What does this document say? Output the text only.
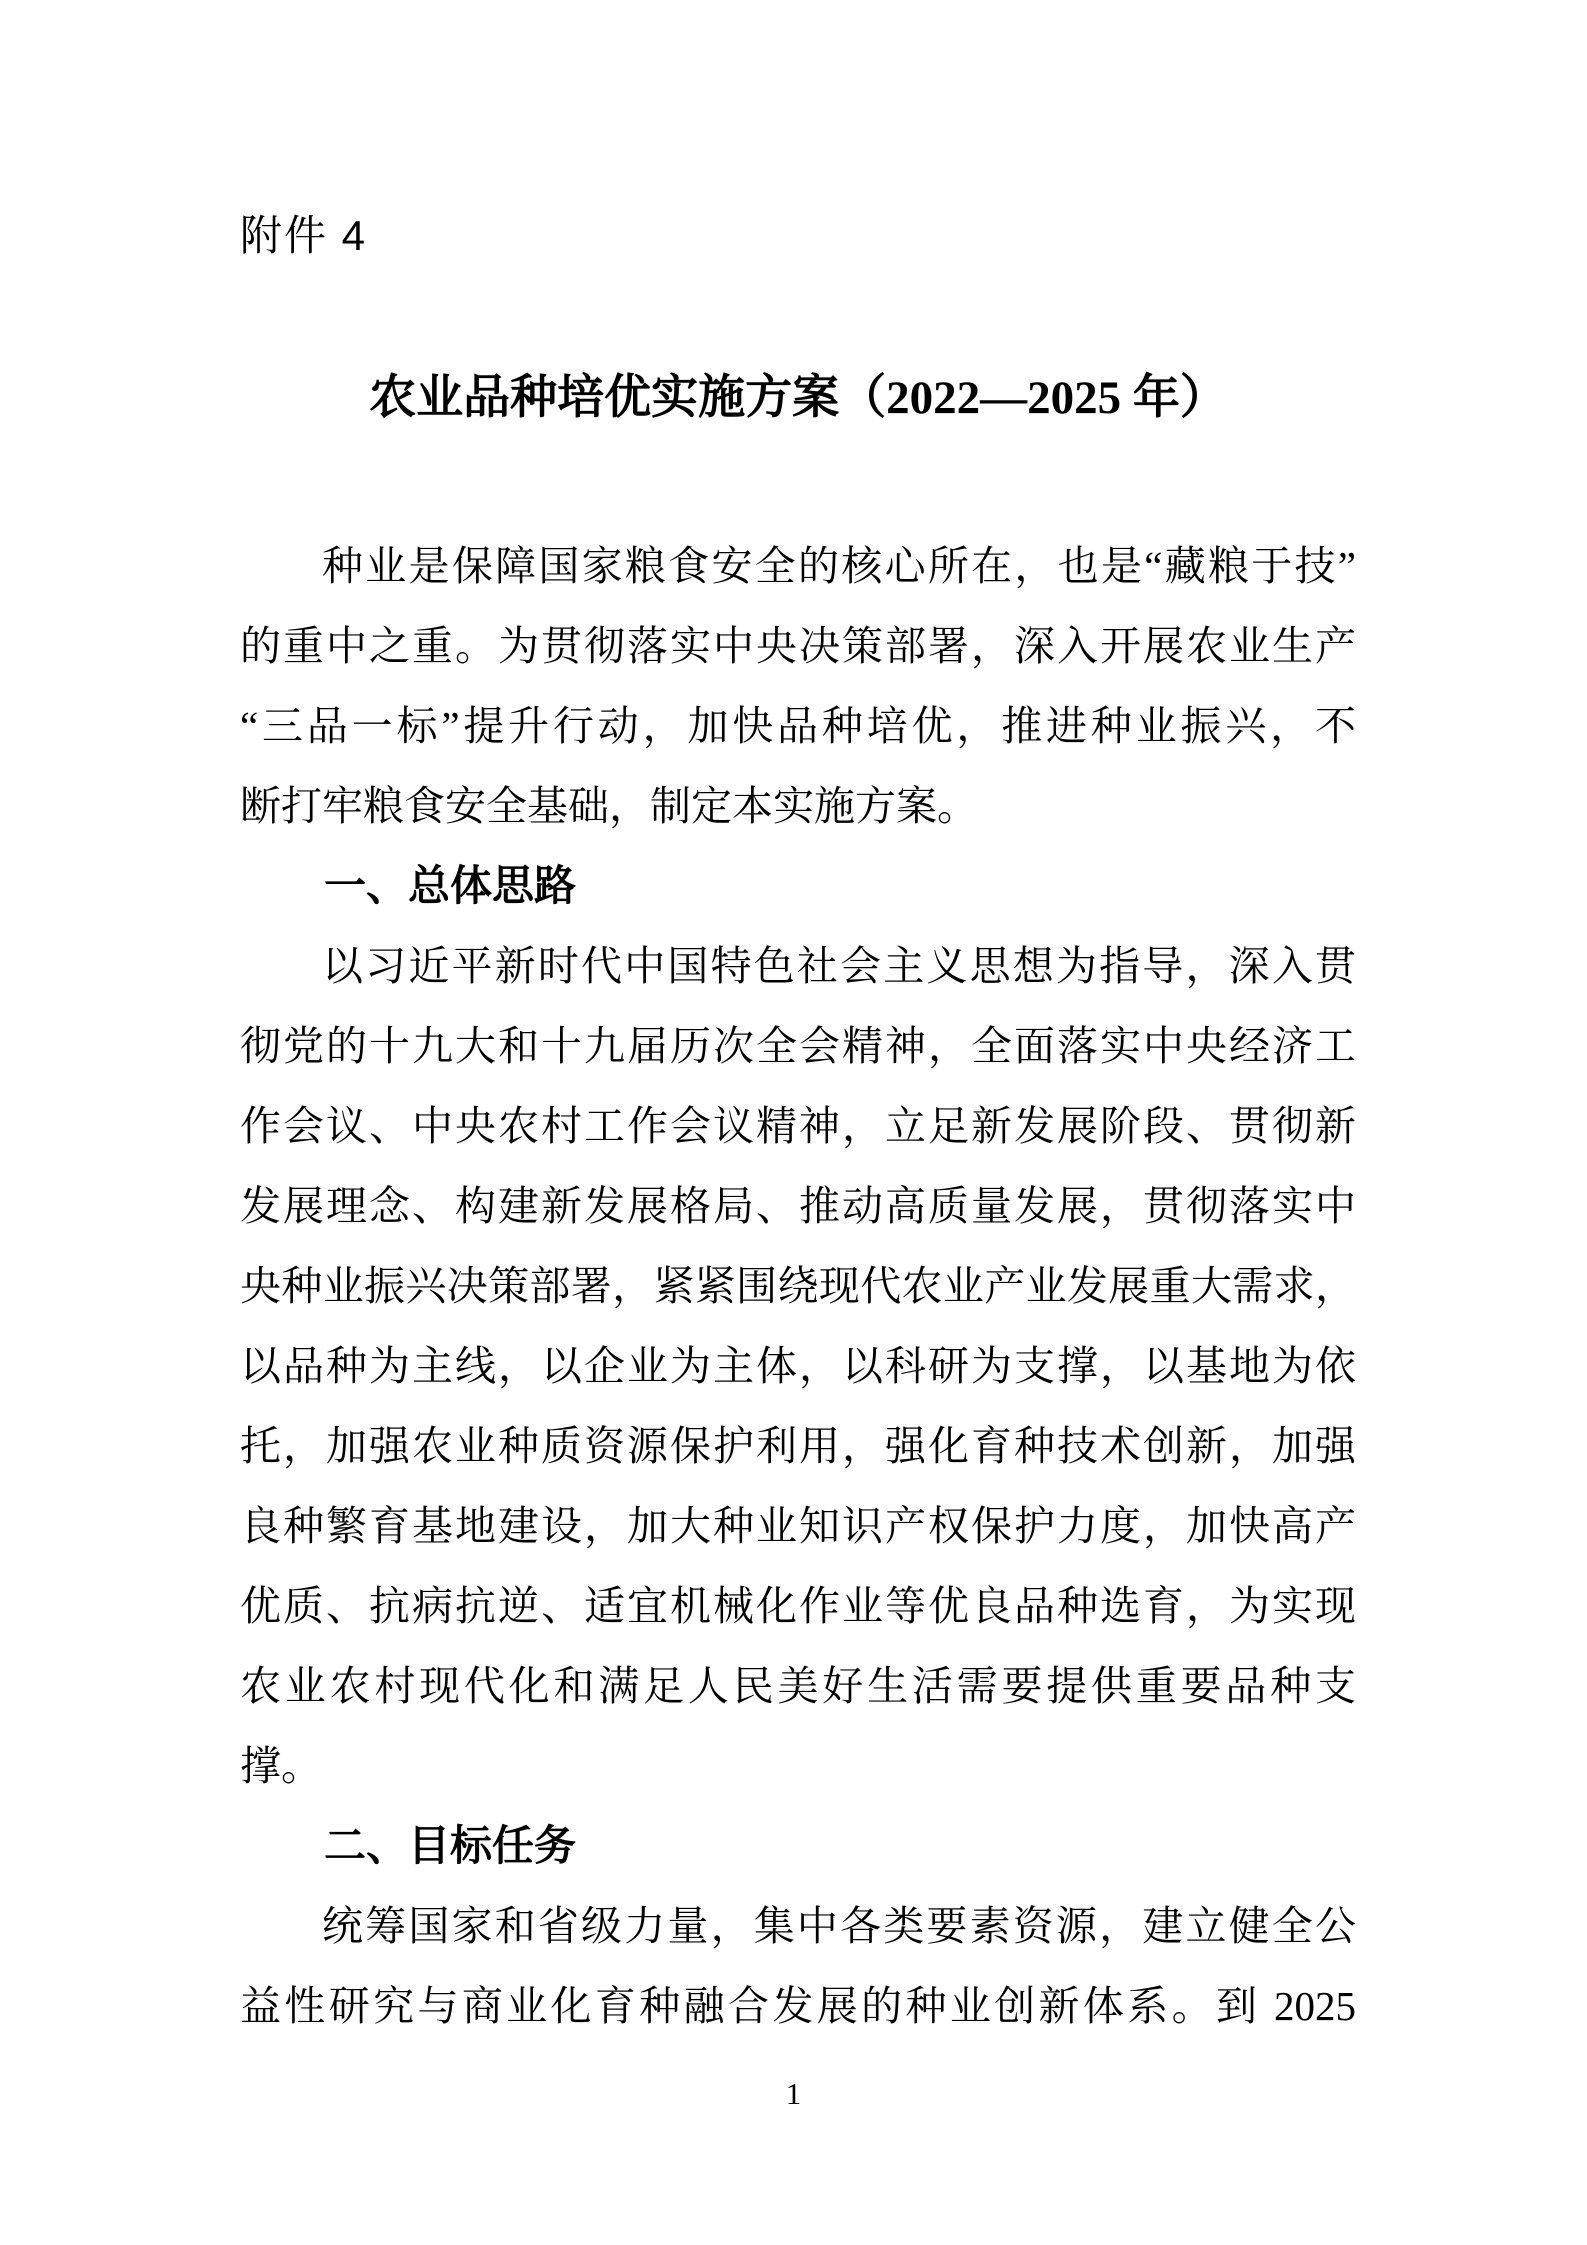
附件 4
农业品种培优实施方案（2022—2025 年）
种业是保障国家粮食安全的核心所在，也是“藏粮于技”
的重中之重。为贯彻落实中央决策部署，深入开展农业生产
“三品一标”提升行动，加快品种培优，推进种业振兴，不
断打牢粮食安全基础，制定本实施方案。
一、总体思路
以习近平新时代中国特色社会主义思想为指导，深入贯
彻党的十九大和十九届历次全会精神，全面落实中央经济工
作会议、中央农村工作会议精神，立足新发展阶段、贯彻新
发展理念、构建新发展格局、推动高质量发展，贯彻落实中
央种业振兴决策部署，紧紧围绕现代农业产业发展重大需求，
以品种为主线，以企业为主体，以科研为支撑，以基地为依
托，加强农业种质资源保护利用，强化育种技术创新，加强
良种繁育基地建设，加大种业知识产权保护力度，加快高产
优质、抗病抗逆、适宜机械化作业等优良品种选育，为实现
农业农村现代化和满足人民美好生活需要提供重要品种支
撑。
二、目标任务
统筹国家和省级力量，集中各类要素资源，建立健全公
益性研究与商业化育种融合发展的种业创新体系。到 2025
1
